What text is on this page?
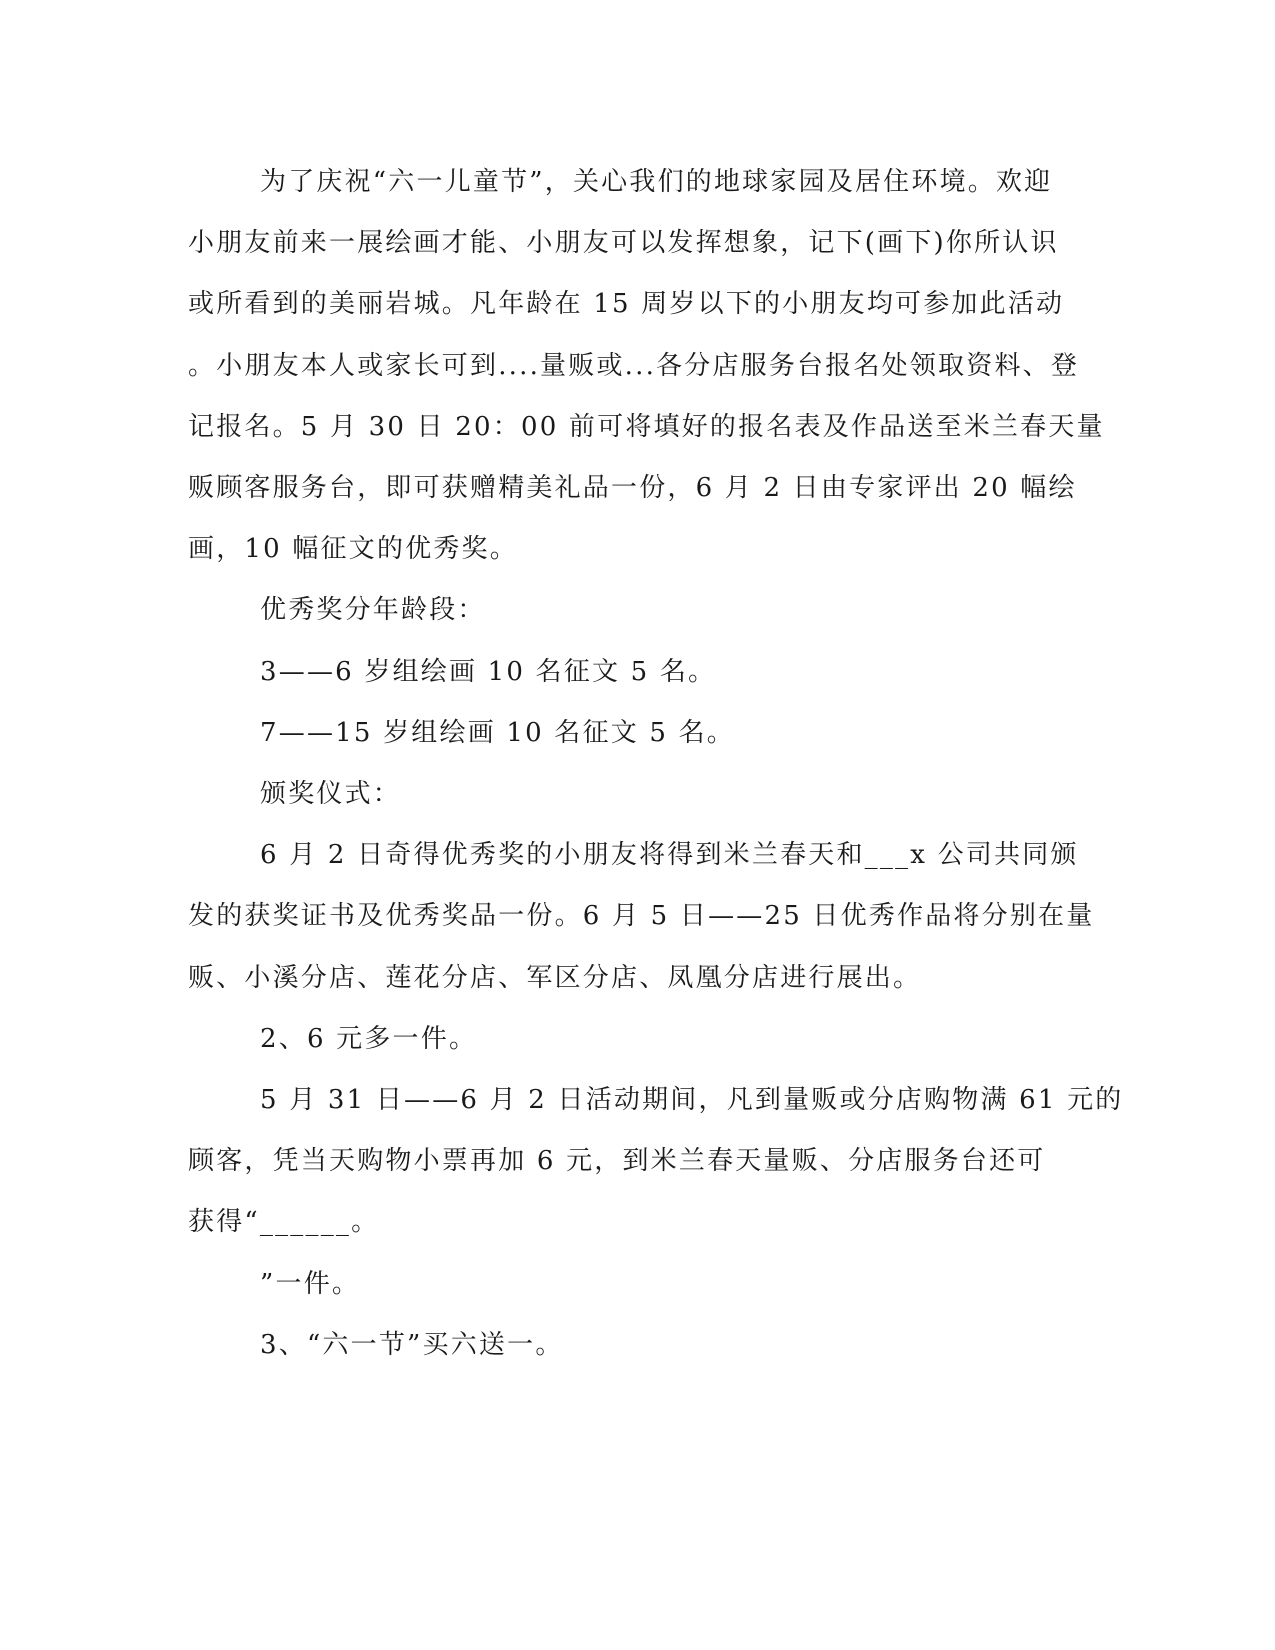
为了庆祝“六一儿童节”，关心我们的地球家园及居住环境。欢迎

小朋友前来一展绘画才能、小朋友可以发挥想象，记下(画下)你所认识

或所看到的美丽岩城。凡年龄在 15 周岁以下的小朋友均可参加此活动

。小朋友本人或家长可到....量贩或...各分店服务台报名处领取资料、登

记报名。5 月 30 日 20：00 前可将填好的报名表及作品送至米兰春天量

贩顾客服务台，即可获赠精美礼品一份，6 月 2 日由专家评出 20 幅绘

画，10 幅征文的优秀奖。

优秀奖分年龄段：

3——6 岁组绘画 10 名征文 5 名。

7——15 岁组绘画 10 名征文 5 名。

颁奖仪式：

6 月 2 日奇得优秀奖的小朋友将得到米兰春天和___x 公司共同颁

发的获奖证书及优秀奖品一份。6 月 5 日——25 日优秀作品将分别在量

贩、小溪分店、莲花分店、军区分店、凤凰分店进行展出。

2、6 元多一件。

5 月 31 日——6 月 2 日活动期间，凡到量贩或分店购物满 61 元的

顾客，凭当天购物小票再加 6 元，到米兰春天量贩、分店服务台还可

获得“______。

”一件。

3、“六一节”买六送一。
